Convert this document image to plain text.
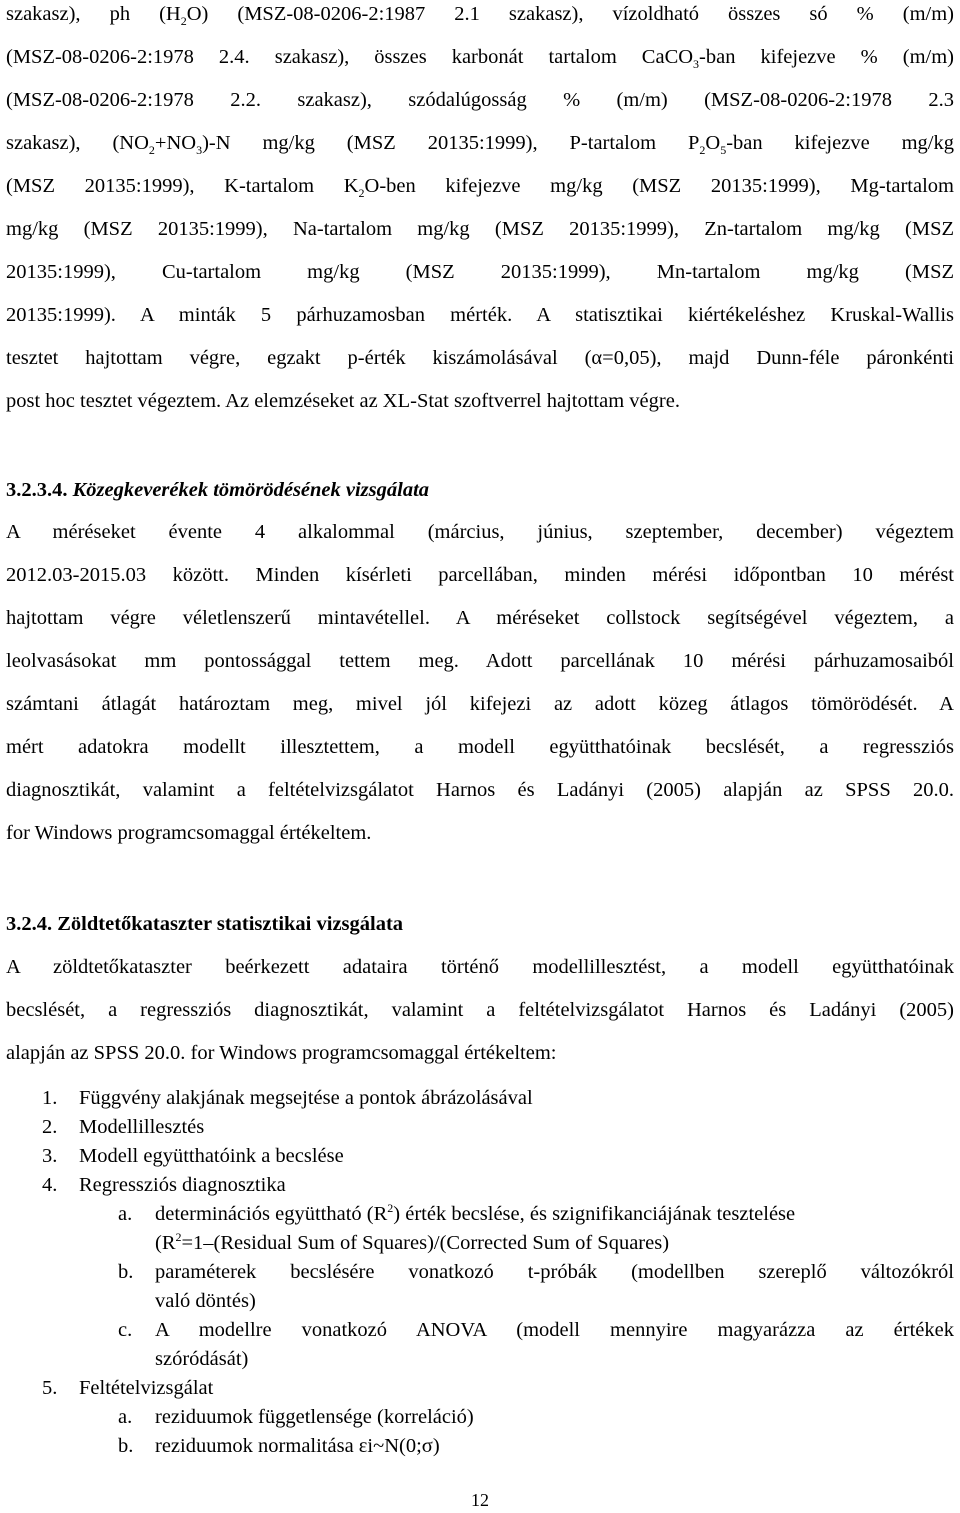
szakasz), ph $(H_2O)$ (MSZ-08-0206-2:1987 2.1 szakasz), vízoldható összes só % (m/m)
(MSZ-08-0206-2:1978 2.4. szakasz), összes karbonát tartalom CaCO$_3$-ban kifejezve % (m/m)
(MSZ-08-0206-2:1978 2.2. szakasz), szódalúgosság % (m/m) (MSZ-08-0206-2:1978 2.3
szakasz), $(NO_2+NO_3)-N$ mg/kg (MSZ 20135:1999), P-tartalom $P_2O_5$-ban kifejezve mg/kg
(MSZ 20135:1999), K-tartalom $K_2O$-ben kifejezve mg/kg (MSZ 20135:1999), Mg-tartalom
mg/kg (MSZ 20135:1999), Na-tartalom mg/kg (MSZ 20135:1999), Zn-tartalom mg/kg (MSZ
20135:1999), Cu-tartalom mg/kg (MSZ 20135:1999), Mn-tartalom mg/kg (MSZ
20135:1999). A minták 5 párhuzamosban mérték. A statisztikai kiértékeléshez Kruskal-Wallis
tesztet hajtottam végre, egzakt p-érték kiszámolásával (α=0,05), majd Dunn-féle páronkénti
post hoc tesztet végeztem. Az elemzéseket az XL-Stat szoftverrel hajtottam végre.
3.2.3.4. Közegkeverékek tömörödésének vizsgálata
A méréseket évente 4 alkalommal (március, június, szeptember, december) végeztem
2012.03-2015.03 között. Minden kísérleti parcellában, minden mérési időpontban 10 mérést
hajtottam végre véletlenszerű mintavétellel. A méréseket collstock segítségével végeztem, a
leolvasásokat mm pontossággal tettem meg. Adott parcellának 10 mérési párhuzamosaiból
számtani átlagát határoztam meg, mivel jól kifejezi az adott közeg átlagos tömörödését. A
mért adatokra modellt illesztettem, a modell együtthatóinak becslését, a regressziós
diagnosztikát, valamint a feltételvizsgálatot Harnos és Ladányi (2005) alapján az SPSS 20.0.
for Windows programcsomaggal értékeltem.
3.2.4. Zöldtetőkataszter statisztikai vizsgálata
A zöldtetőkataszter beérkezett adataira történő modellillesztést, a modell együtthatóinak
becslését, a regressziós diagnosztikát, valamint a feltételvizsgálatot Harnos és Ladányi (2005)
alapján az SPSS 20.0. for Windows programcsomaggal értékeltem:
1. Függvény alakjának megsejtése a pontok ábrázolásával
2. Modellillesztés
3. Modell együtthatóink a becslése
4. Regressziós diagnosztika
a. determinációs együttható $(R^2)$ érték becslése, és szignifikanciájának tesztelése
($R^2=1-(Residual$ Sum of Squares)/(Corrected Sum of Squares)
b. paraméterek becslésére vonatkozó t-próbák (modellben szereplő változókról
való döntés)
c. A modellre vonatkozó ANOVA (modell mennyire magyarázza az értékek
szóródását)
5. Feltételvizsgálat
a. reziduumok függetlensége (korreláció)
b. reziduumok normalitása εi~N(0;σ)
12
